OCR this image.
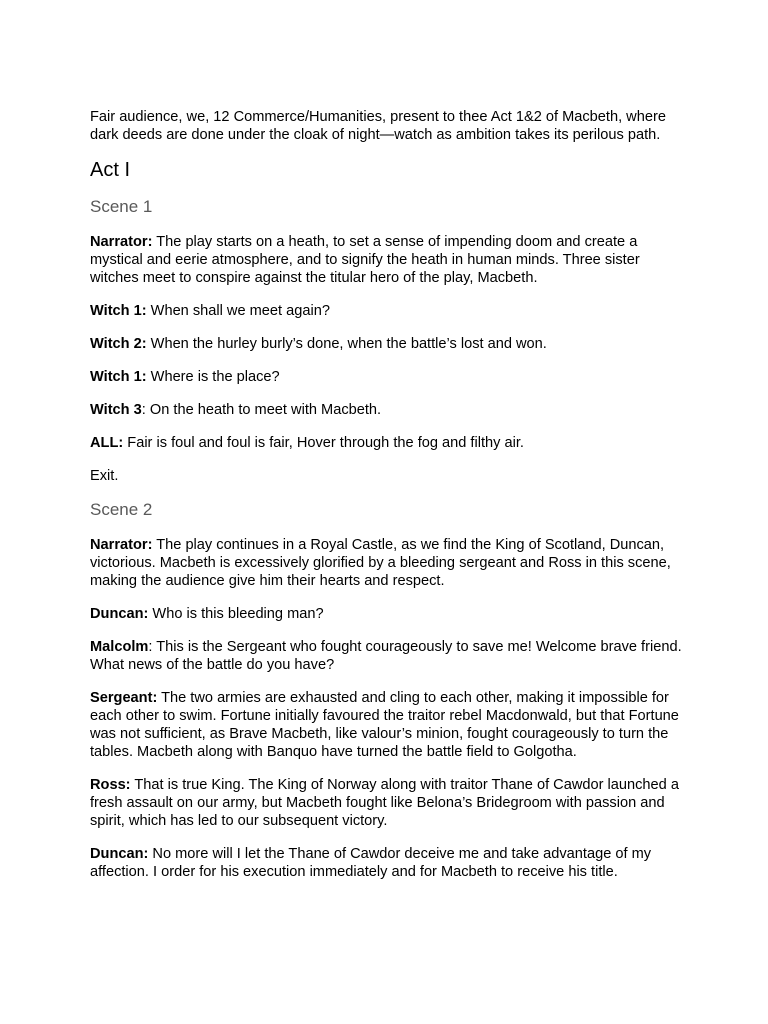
Fair audience, we, 12 Commerce/Humanities, present to thee Act 1&2 of Macbeth, where dark deeds are done under the cloak of night—watch as ambition takes its perilous path.

Act I
Scene 1

Narrator: The play starts on a heath, to set a sense of impending doom and create a mystical and eerie atmosphere, and to signify the heath in human minds. Three sister witches meet to conspire against the titular hero of the play, Macbeth.

Witch 1: When shall we meet again?

Witch 2: When the hurley burly’s done, when the battle’s lost and won.

Witch 1: Where is the place?

Witch 3: On the heath to meet with Macbeth.

ALL: Fair is foul and foul is fair, Hover through the fog and filthy air.

Exit.

Scene 2

Narrator: The play continues in a Royal Castle, as we find the King of Scotland, Duncan, victorious. Macbeth is excessively glorified by a bleeding sergeant and Ross in this scene, making the audience give him their hearts and respect.

Duncan: Who is this bleeding man?

Malcolm: This is the Sergeant who fought courageously to save me! Welcome brave friend. What news of the battle do you have?

Sergeant: The two armies are exhausted and cling to each other, making it impossible for each other to swim. Fortune initially favoured the traitor rebel Macdonwald, but that Fortune was not sufficient, as Brave Macbeth, like valour’s minion, fought courageously to turn the tables. Macbeth along with Banquo have turned the battle field to Golgotha.

Ross: That is true King. The King of Norway along with traitor Thane of Cawdor launched a fresh assault on our army, but Macbeth fought like Belona’s Bridegroom with passion and spirit, which has led to our subsequent victory.

Duncan: No more will I let the Thane of Cawdor deceive me and take advantage of my affection. I order for his execution immediately and for Macbeth to receive his title.
